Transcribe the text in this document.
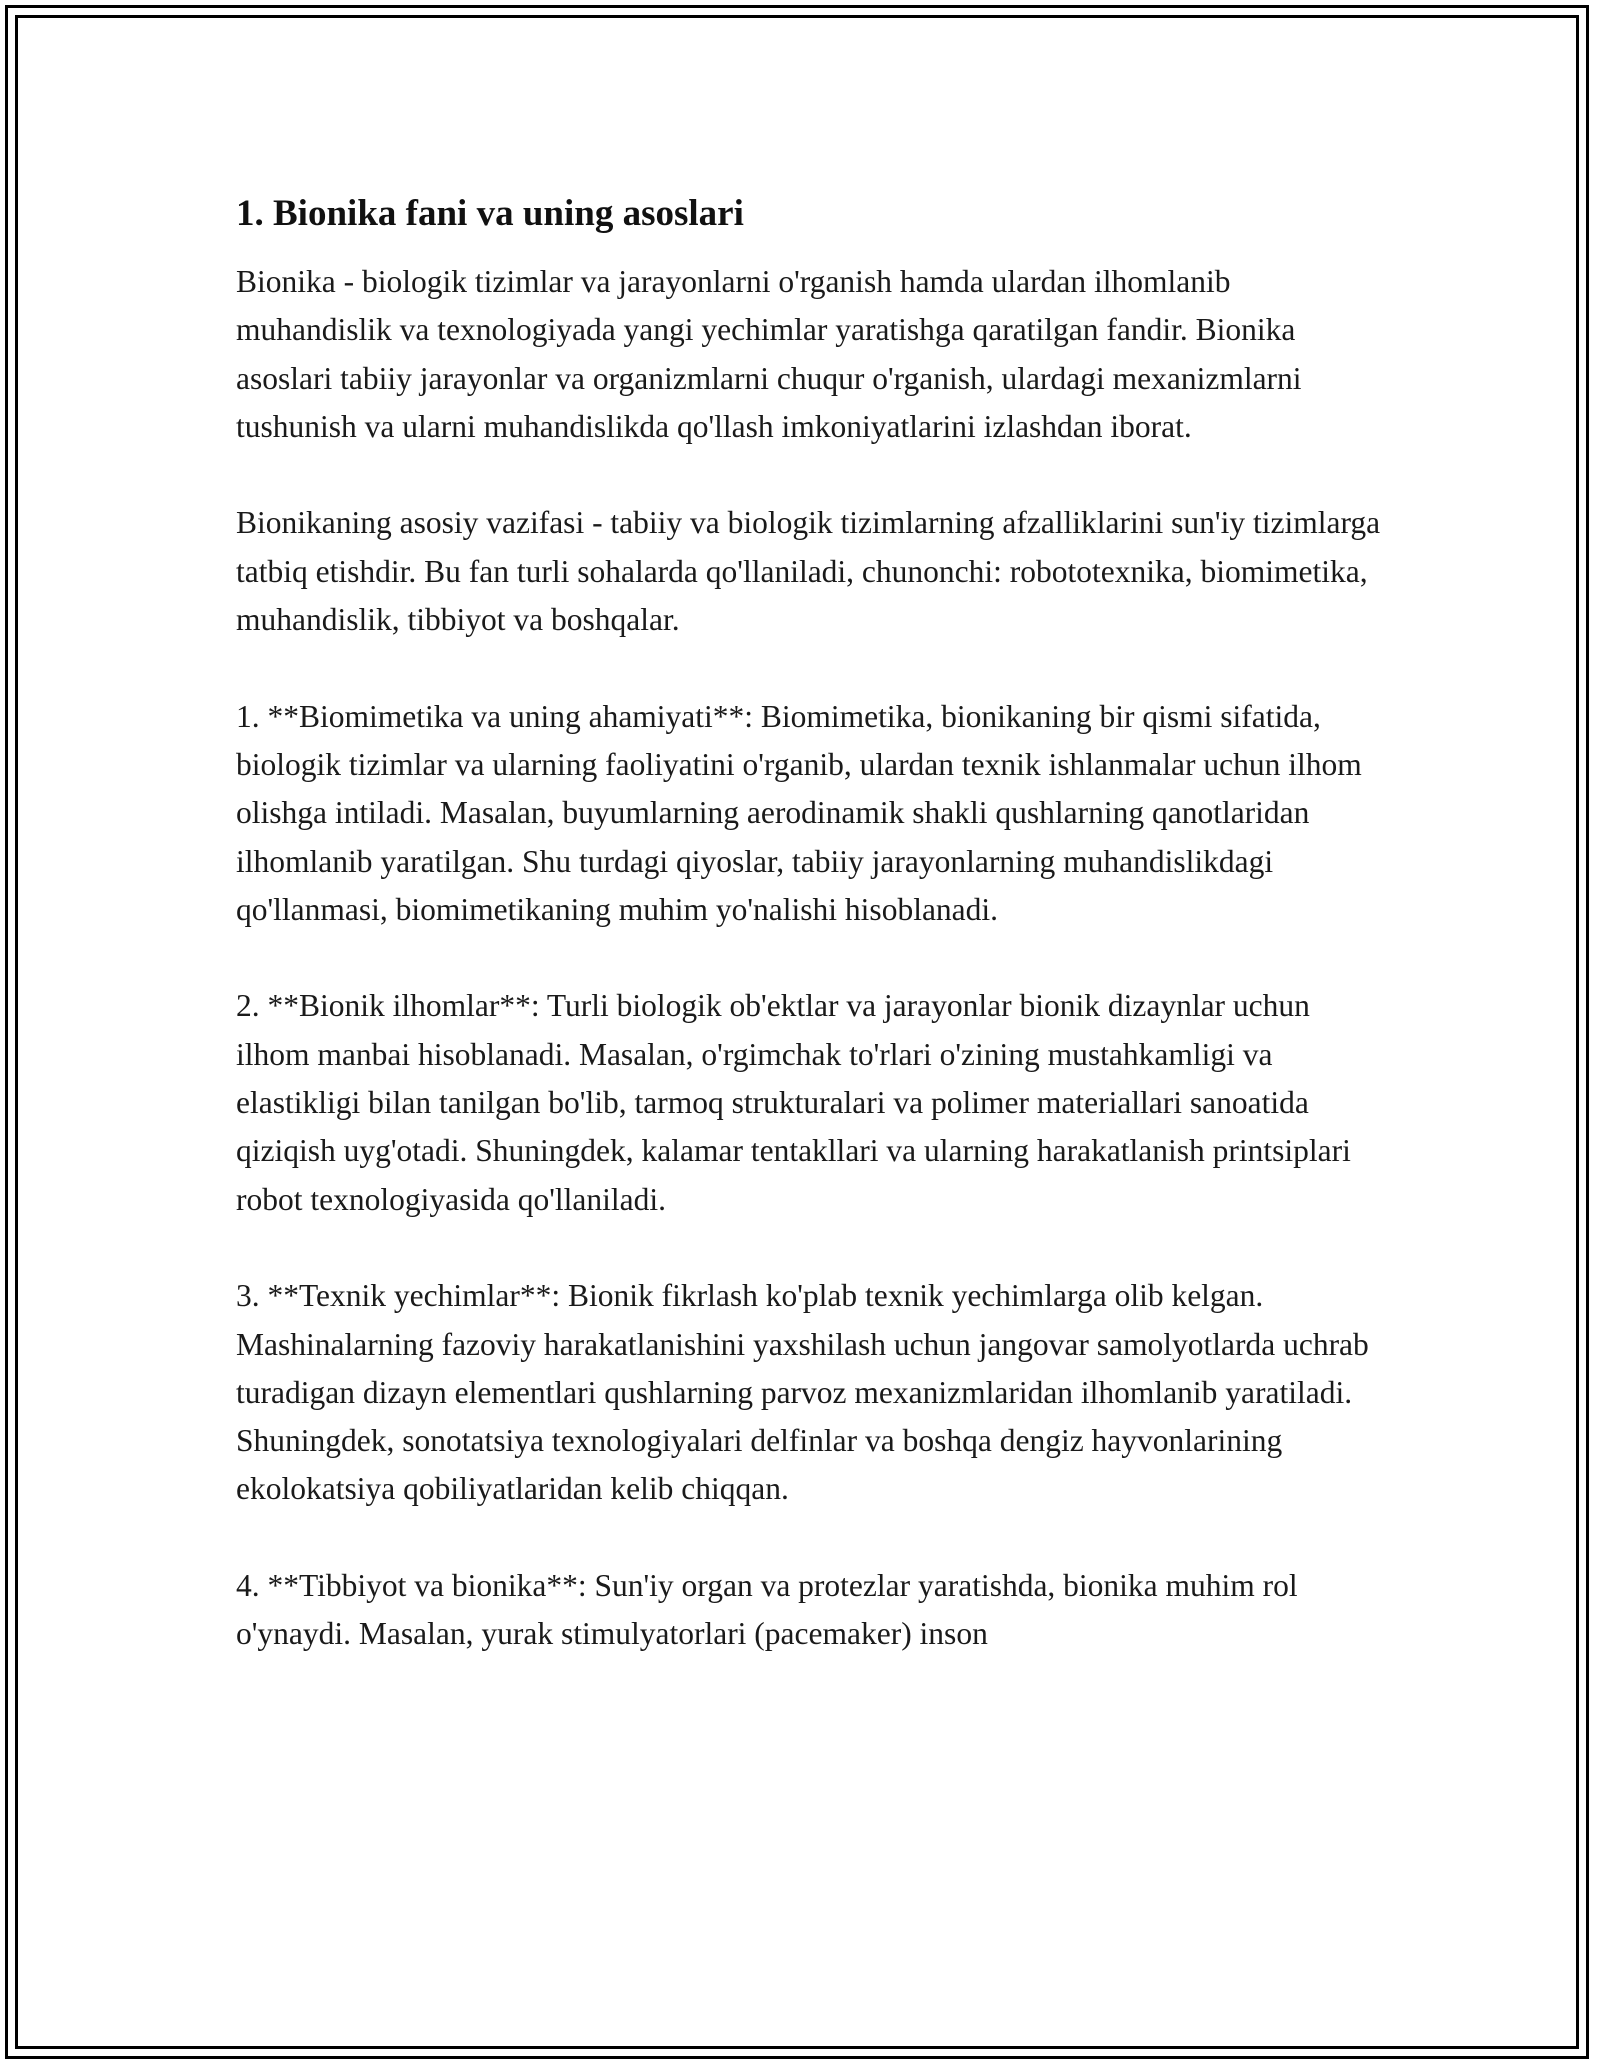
1. Bionika fani va uning asoslari

Bionika - biologik tizimlar va jarayonlarni o'rganish hamda ulardan ilhomlanib muhandislik va texnologiyada yangi yechimlar yaratishga qaratilgan fandir. Bionika asoslari tabiiy jarayonlar va organizmlarni chuqur o'rganish, ulardagi mexanizmlarni tushunish va ularni muhandislikda qo'llash imkoniyatlarini izlashdan iborat.

Bionikaning asosiy vazifasi - tabiiy va biologik tizimlarning afzalliklarini sun'iy tizimlarga tatbiq etishdir. Bu fan turli sohalarda qo'llaniladi, chunonchi: robototexnika, biomimetika, muhandislik, tibbiyot va boshqalar.

1. **Biomimetika va uning ahamiyati**: Biomimetika, bionikaning bir qismi sifatida, biologik tizimlar va ularning faoliyatini o'rganib, ulardan texnik ishlanmalar uchun ilhom olishga intiladi. Masalan, buyumlarning aerodinamik shakli qushlarning qanotlaridan ilhomlanib yaratilgan. Shu turdagi qiyoslar, tabiiy jarayonlarning muhandislikdagi qo'llanmasi, biomimetikaning muhim yo'nalishi hisoblanadi.

2. **Bionik ilhomlar**: Turli biologik ob'ektlar va jarayonlar bionik dizaynlar uchun ilhom manbai hisoblanadi. Masalan, o'rgimchak to'rlari o'zining mustahkamligi va elastikligi bilan tanilgan bo'lib, tarmoq strukturalari va polimer materiallari sanoatida qiziqish uyg'otadi. Shuningdek, kalamar tentakllari va ularning harakatlanish printsiplari robot texnologiyasida qo'llaniladi.

3. **Texnik yechimlar**: Bionik fikrlash ko'plab texnik yechimlarga olib kelgan. Mashinalarning fazoviy harakatlanishini yaxshilash uchun jangovar samolyotlarda uchrab turadigan dizayn elementlari qushlarning parvoz mexanizmlaridan ilhomlanib yaratiladi. Shuningdek, sonotatsiya texnologiyalari delfinlar va boshqa dengiz hayvonlarining ekolokatsiya qobiliyatlaridan kelib chiqqan.

4. **Tibbiyot va bionika**: Sun'iy organ va protezlar yaratishda, bionika muhim rol o'ynaydi. Masalan, yurak stimulyatorlari (pacemaker) inson
